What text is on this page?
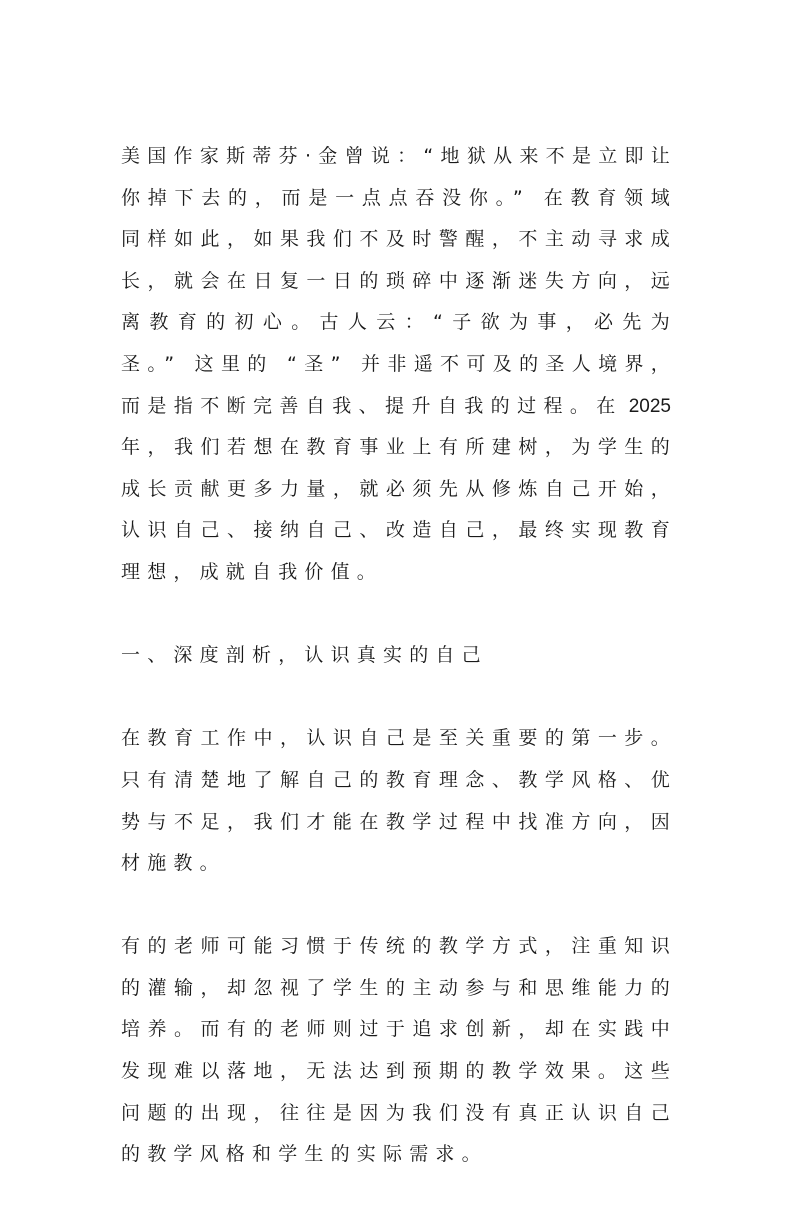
美国作家斯蒂芬·金曾说：“地狱从来不是立即让你掉下去的，而是一点点吞没你。” 在教育领域同样如此，如果我们不及时警醒，不主动寻求成长，就会在日复一日的琐碎中逐渐迷失方向，远离教育的初心。古人云：“子欲为事，必先为圣。” 这里的 “圣” 并非遥不可及的圣人境界，而是指不断完善自我、提升自我的过程。在 2025年，我们若想在教育事业上有所建树，为学生的成长贡献更多力量，就必须先从修炼自己开始，认识自己、接纳自己、改造自己，最终实现教育理想，成就自我价值。

一、深度剖析，认识真实的自己

在教育工作中，认识自己是至关重要的第一步。只有清楚地了解自己的教育理念、教学风格、优势与不足，我们才能在教学过程中找准方向，因材施教。

有的老师可能习惯于传统的教学方式，注重知识的灌输，却忽视了学生的主动参与和思维能力的培养。而有的老师则过于追求创新，却在实践中发现难以落地，无法达到预期的教学效果。这些问题的出现，往往是因为我们没有真正认识自己的教学风格和学生的实际需求。
